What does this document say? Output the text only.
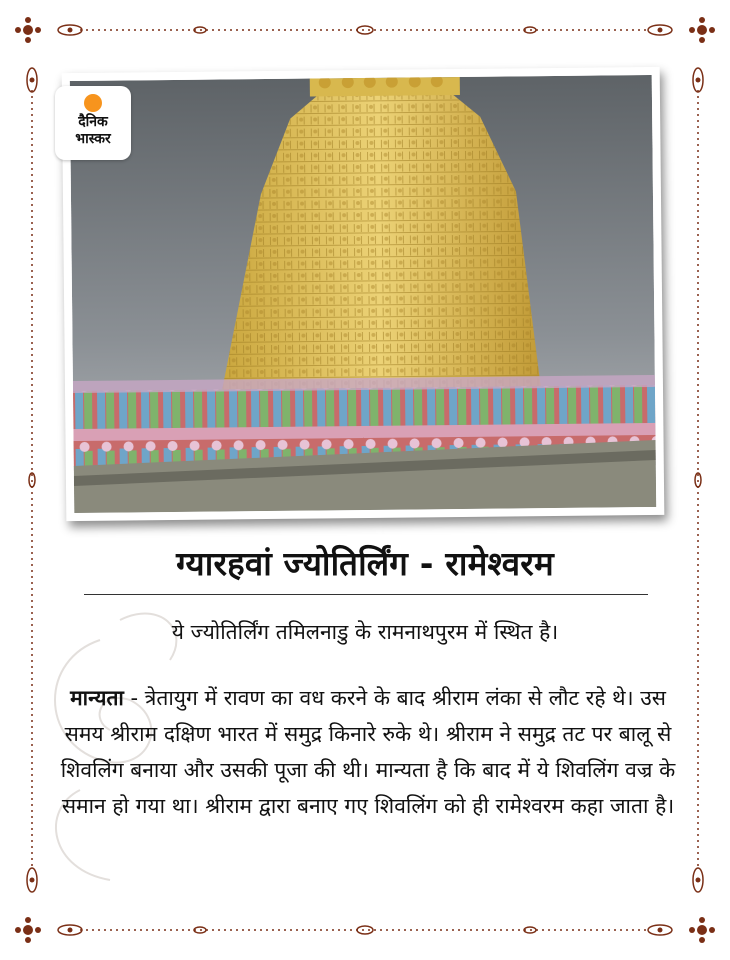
दैनिक
भास्कर
ग्यारहवां ज्योतिर्लिंग - रामेश्वरम
ये ज्योतिर्लिंग तमिलनाडु के रामनाथपुरम में स्थित है।
मान्यता - त्रेतायुग में रावण का वध करने के बाद श्रीराम लंका से लौट रहे थे। उस समय श्रीराम दक्षिण भारत में समुद्र किनारे रुके थे। श्रीराम ने समुद्र तट पर बालू से शिवलिंग बनाया और उसकी पूजा की थी। मान्यता है कि बाद में ये शिवलिंग वज्र के समान हो गया था। श्रीराम द्वारा बनाए गए शिवलिंग को ही रामेश्वरम कहा जाता है।
